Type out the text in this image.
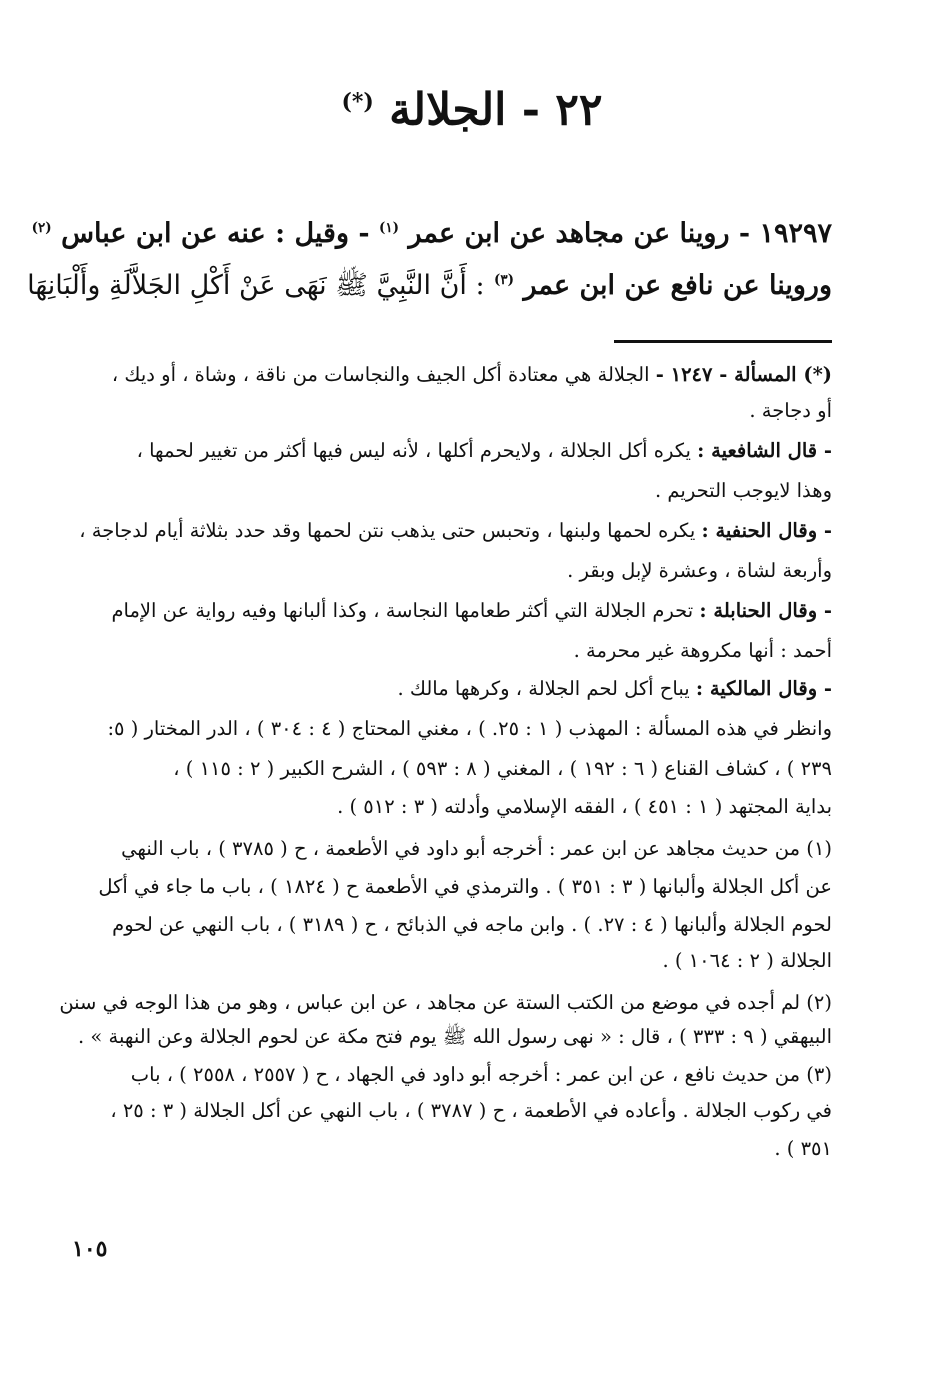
٢٢ - الجلالة (*)
١٩٢٩٧ - روينا عن مجاهد عن ابن عمر $^{(١)}$ - وقيل : عنه عن ابن عباس $^{(٢)}$
وروينا عن نافع عن ابن عمر $^{(٣)}$ : أَنَّ النَّبِيَّ ﷺ نَهَى عَنْ أَكْلِ الجَلاَّلَةِ وأَلْبَانِهَا
(*) المسألة - ١٢٤٧ - الجلالة هي معتادة أكل الجيف والنجاسات من ناقة ، وشاة ، أو ديك ،
أو دجاجة .
- قال الشافعية : يكره أكل الجلالة ، ولايحرم أكلها ، لأنه ليس فيها أكثر من تغيير لحمها ،
وهذا لايوجب التحريم .
- وقال الحنفية : يكره لحمها ولبنها ، وتحبس حتى يذهب نتن لحمها وقد حدد بثلاثة أيام لدجاجة ،
وأربعة لشاة ، وعشرة لإبل وبقر .
- وقال الحنابلة : تحرم الجلالة التي أكثر طعامها النجاسة ، وكذا ألبانها وفيه رواية عن الإمام
أحمد : أنها مكروهة غير محرمة .
- وقال المالكية : يباح أكل لحم الجلالة ، وكرهها مالك .
وانظر في هذه المسألة : المهذب ( ١ : ٢٥. ) ، مغني المحتاج ( ٤ : ٣٠٤ ) ، الدر المختار ( ٥:
٢٣٩ ) ، كشاف القناع ( ٦ : ١٩٢ ) ، المغني ( ٨ : ٥٩٣ ) ، الشرح الكبير ( ٢ : ١١٥ ) ،
بداية المجتهد ( ١ : ٤٥١ ) ، الفقه الإسلامي وأدلته ( ٣ : ٥١٢ ) .
(١) من حديث مجاهد عن ابن عمر : أخرجه أبو داود في الأطعمة ، ح ( ٣٧٨٥ ) ، باب النهي
عن أكل الجلالة وألبانها ( ٣ : ٣٥١ ) . والترمذي في الأطعمة ح ( ١٨٢٤ ) ، باب ما جاء في أكل
لحوم الجلالة وألبانها ( ٤ : ٢٧. ) . وابن ماجه في الذبائح ، ح ( ٣١٨٩ ) ، باب النهي عن لحوم
الجلالة ( ٢ : ١٠٦٤ ) .
(٢) لم أجده في موضع من الكتب الستة عن مجاهد ، عن ابن عباس ، وهو من هذا الوجه في سنن
البيهقي ( ٩ : ٣٣٣ ) ، قال : « نهى رسول الله ﷺ يوم فتح مكة عن لحوم الجلالة وعن النهبة » .
(٣) من حديث نافع ، عن ابن عمر : أخرجه أبو داود في الجهاد ، ح ( ٢٥٥٧ ، ٢٥٥٨ ) ، باب
في ركوب الجلالة . وأعاده في الأطعمة ، ح ( ٣٧٨٧ ) ، باب النهي عن أكل الجلالة ( ٣ : ٢٥ ،
٣٥١ ) .
١٠٥
